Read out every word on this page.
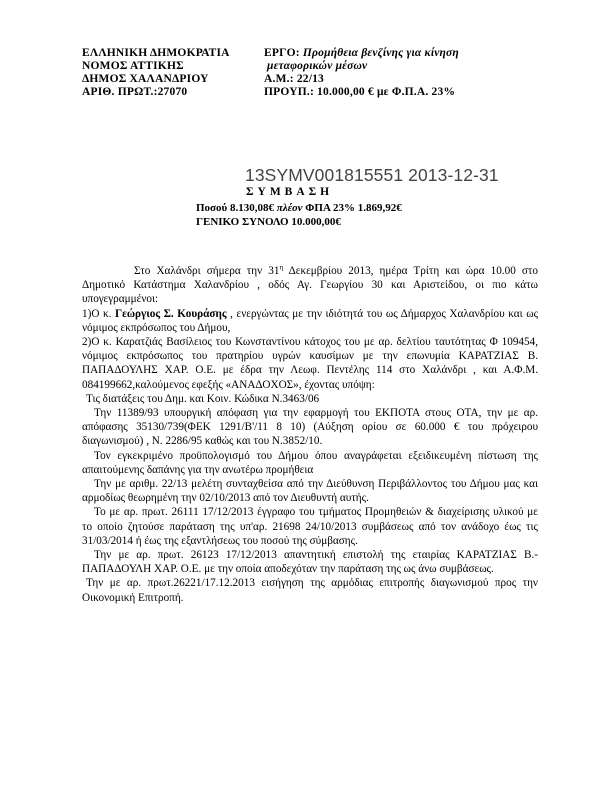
ΕΛΛΗΝΙΚΗ ΔΗΜΟΚΡΑΤΙΑ
ΝΟΜΟΣ ΑΤΤΙΚΗΣ
ΔΗΜΟΣ ΧΑΛΑΝΔΡΙΟΥ
ΑΡΙΘ. ΠΡΩΤ.:27070
ΕΡΓΟ: Προμήθεια βενζίνης για κίνηση
μεταφορικών μέσων
Α.Μ.: 22/13
ΠΡΟΥΠ.: 10.000,00 € με Φ.Π.Α. 23%
13SYMV001815551 2013-12-31
ΣΥΜΒΑΣΗ
Ποσού 8.130,08€ πλέον ΦΠΑ 23% 1.869,92€
ΓΕΝΙΚΟ ΣΥΝΟΛΟ 10.000,00€

Στο Χαλάνδρι σήμερα την $31^\eta$ Δεκεμβρίου 2013, ημέρα Τρίτη και ώρα 10.00 στο Δημοτικό Κατάστημα Χαλανδρίου , οδός Αγ. Γεωργίου 30 και Αριστείδου, οι πιο κάτω υπογεγραμμένοι:

1)Ο κ. Γεώργιος Σ. Κουράσης , ενεργώντας με την ιδιότητά του ως Δήμαρχος Χαλανδρίου και ως νόμιμος εκπρόσωπος του Δήμου,

2)Ο κ. Καρατζιάς Βασίλειος του Κωνσταντίνου κάτοχος του με αρ. δελτίου ταυτότητας Φ 109454, νόμιμος εκπρόσωπος του πρατηρίου υγρών καυσίμων με την επωνυμία ΚΑΡΑΤΖΙΑΣ Β. ΠΑΠΑΔΟΥΛΗΣ ΧΑΡ. Ο.Ε. με έδρα την Λεωφ. Πεντέλης 114 στο Χαλάνδρι , και Α.Φ.Μ. 084199662,καλούμενος εφεξής «ΑΝΑΔΟΧΟΣ», έχοντας υπόψη:

Τις διατάξεις του Δημ. και Κοιν. Κώδικα Ν.3463/06

Την 11389/93 υπουργική απόφαση για την εφαρμογή του ΕΚΠΟΤΑ στους ΟΤΑ, την με αρ. απόφασης 35130/739(ΦΕΚ 1291/Β'/11 8 10) (Αύξηση ορίου σε 60.000 € του πρόχειρου διαγωνισμού) , Ν. 2286/95 καθώς και του Ν.3852/10.

Τον εγκεκριμένο προϋπολογισμό του Δήμου όπου αναγράφεται εξειδικευμένη πίστωση της απαιτούμενης δαπάνης για την ανωτέρω προμήθεια

Την με αριθμ. 22/13 μελέτη συνταχθείσα από την Διεύθυνση Περιβάλλοντος του Δήμου μας και αρμοδίως θεωρημένη την 02/10/2013 από τον Διευθυντή αυτής.

Το με αρ. πρωτ. 26111 17/12/2013 έγγραφο του τμήματος Προμηθειών & διαχείρισης υλικού με το οποίο ζητούσε παράταση της υπ'αρ. 21698 24/10/2013 συμβάσεως από τον ανάδοχο έως τις 31/03/2014 ή έως της εξαντλήσεως του ποσού της σύμβασης.

Την με αρ. πρωτ. 26123 17/12/2013 απαντητική επιστολή της εταιρίας ΚΑΡΑΤΖΙΑΣ Β.-ΠΑΠΑΔΟΥΛΗ ΧΑΡ. Ο.Ε. με την οποία αποδεχόταν την παράταση της ως άνω συμβάσεως.

Την με αρ. πρωτ.26221/17.12.2013 εισήγηση της αρμόδιας επιτροπής διαγωνισμού προς την Οικονομική Επιτροπή.
